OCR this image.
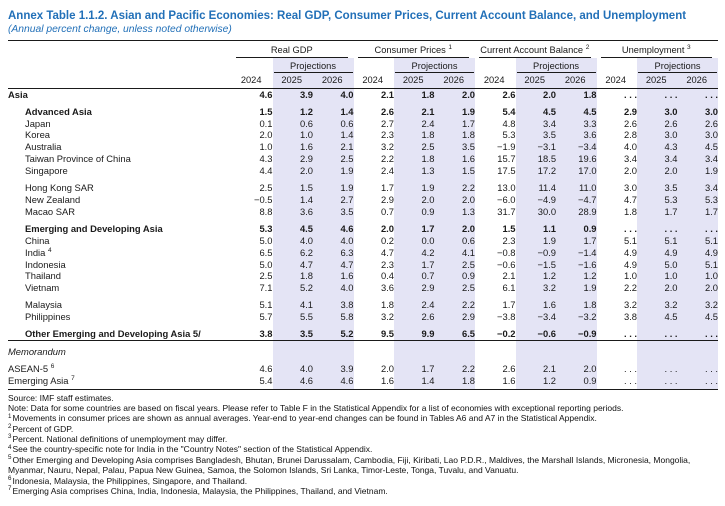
Annex Table 1.1.2. Asian and Pacific Economies: Real GDP, Consumer Prices, Current Account Balance, and Unemployment
(Annual percent change, unless noted otherwise)

	Real GDP			Consumer Prices $^1$			Current Account Balance $^2$			Unemployment $^3$

		Projections			Projections			Projections			Projections	

	2024	2025	2026	2024	2025	2026	2024	2025	2026	2024	2025	2026
Asia	4.6	3.9	4.0	2.1	1.8	2.0	2.6	2.0	1.8	. . .	. . .	. . .
Advanced Asia	1.5	1.2	1.4	2.6	2.1	1.9	5.4	4.5	4.5	2.9	3.0	3.0
Japan	0.1	0.6	0.6	2.7	2.4	1.7	4.8	3.4	3.3	2.6	2.6	2.6
Korea	2.0	1.0	1.4	2.3	1.8	1.8	5.3	3.5	3.6	2.8	3.0	3.0
Australia	1.0	1.6	2.1	3.2	2.5	3.5	−1.9	−3.1	−3.4	4.0	4.3	4.5
Taiwan Province of China	4.3	2.9	2.5	2.2	1.8	1.6	15.7	18.5	19.6	3.4	3.4	3.4
Singapore	4.4	2.0	1.9	2.4	1.3	1.5	17.5	17.2	17.0	2.0	2.0	1.9
Hong Kong SAR	2.5	1.5	1.9	1.7	1.9	2.2	13.0	11.4	11.0	3.0	3.5	3.4
New Zealand	−0.5	1.4	2.7	2.9	2.0	2.0	−6.0	−4.9	−4.7	4.7	5.3	5.3
Macao SAR	8.8	3.6	3.5	0.7	0.9	1.3	31.7	30.0	28.9	1.8	1.7	1.7
Emerging and Developing Asia	5.3	4.5	4.6	2.0	1.7	2.0	1.5	1.1	0.9	. . .	. . .	. . .
China	5.0	4.0	4.0	0.2	0.0	0.6	2.3	1.9	1.7	5.1	5.1	5.1
India $^4$	6.5	6.2	6.3	4.7	4.2	4.1	−0.8	−0.9	−1.4	4.9	4.9	4.9
Indonesia	5.0	4.7	4.7	2.3	1.7	2.5	−0.6	−1.5	−1.6	4.9	5.0	5.1
Thailand	2.5	1.8	1.6	0.4	0.7	0.9	2.1	1.2	1.2	1.0	1.0	1.0
Vietnam	7.1	5.2	4.0	3.6	2.9	2.5	6.1	3.2	1.9	2.2	2.0	2.0
Malaysia	5.1	4.1	3.8	1.8	2.4	2.2	1.7	1.6	1.8	3.2	3.2	3.2
Philippines	5.7	5.5	5.8	3.2	2.6	2.9	−3.8	−3.4	−3.2	3.8	4.5	4.5
Other Emerging and Developing Asia 5/	3.8	3.5	5.2	9.5	9.9	6.5	−0.2	−0.6	−0.9	. . .	. . .	. . .
Memorandum												
ASEAN-5 $^6$	4.6	4.0	3.9	2.0	1.7	2.2	2.6	2.1	2.0	. . .	. . .	. . .
Emerging Asia $^7$	5.4	4.6	4.6	1.6	1.4	1.8	1.6	1.2	0.9	. . .	. . .	. . .
Source: IMF staff estimates.
Note: Data for some countries are based on fiscal years. Please refer to Table F in the Statistical Appendix for a list of economies with exceptional reporting periods.
$^1$Movements in consumer prices are shown as annual averages. Year-end to year-end changes can be found in Tables A6 and A7 in the Statistical Appendix.
$^2$Percent of GDP.
$^3$Percent. National definitions of unemployment may differ.
$^4$See the country-specific note for India in the "Country Notes" section of the Statistical Appendix.
$^5$Other Emerging and Developing Asia comprises Bangladesh, Bhutan, Brunei Darussalam, Cambodia, Fiji, Kiribati, Lao P.D.R., Maldives, the Marshall Islands, Micronesia, Mongolia, Myanmar, Nauru, Nepal, Palau, Papua New Guinea, Samoa, the Solomon Islands, Sri Lanka, Timor-Leste, Tonga, Tuvalu, and Vanuatu.
$^6$Indonesia, Malaysia, the Philippines, Singapore, and Thailand.
$^7$Emerging Asia comprises China, India, Indonesia, Malaysia, the Philippines, Thailand, and Vietnam.
